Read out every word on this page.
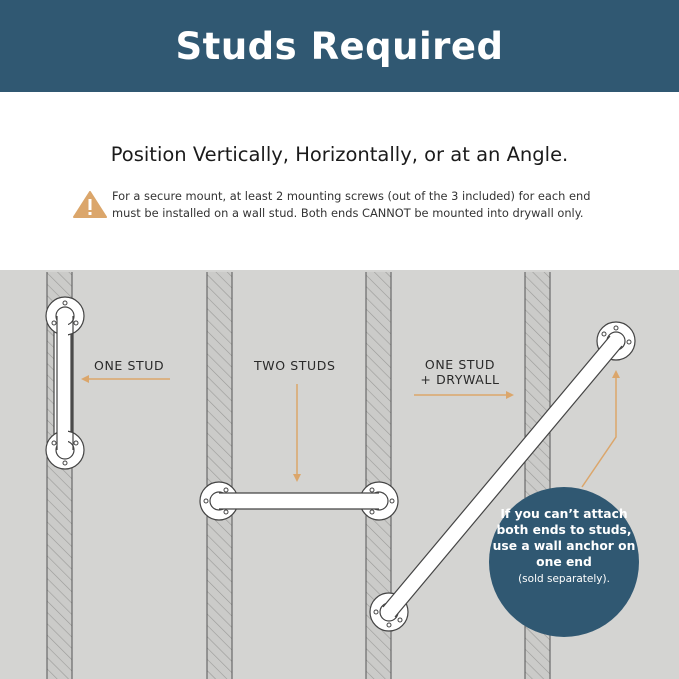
Studs Required
Position Vertically, Horizontally, or at an Angle.
For a secure mount, at least 2 mounting screws (out of the 3 included) for each end must be installed on a wall stud. Both ends CANNOT be mounted into drywall only.
ONE STUD	TWO STUDS	ONE STUD
+ DRYWALL
If you can’t attach both ends to studs, use a wall anchor on one end
(sold separately).
